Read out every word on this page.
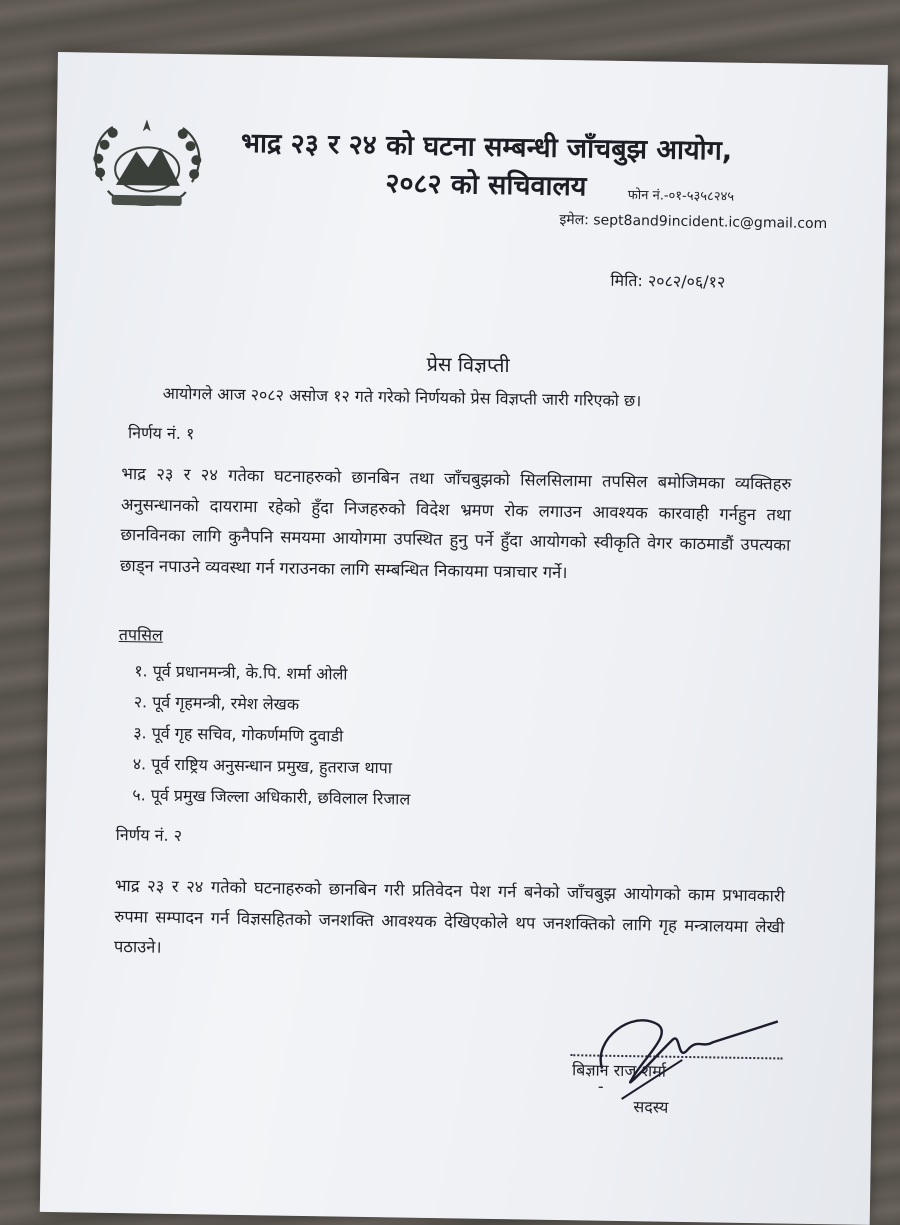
भाद्र २३ र २४ को घटना सम्बन्धी जाँचबुझ आयोग,
२०८२ को सचिवालय	फोन नं.-०१-५३५८२४५
इमेल: sept8and9incident.ic@gmail.com
मिति: २०८२/०६/१२
प्रेस विज्ञप्ती
आयोगले आज २०८२ असोज १२ गते गरेको निर्णयको प्रेस विज्ञप्ती जारी गरिएको छ।
निर्णय नं. १
भाद्र २३ र २४ गतेका घटनाहरुको छानबिन तथा जाँचबुझको सिलसिलामा तपसिल बमोजिमका व्यक्तिहरु अनुसन्धानको दायरामा रहेको हुँदा निजहरुको विदेश भ्रमण रोक लगाउन आवश्यक कारवाही गर्नहुन तथा छानविनका लागि कुनैपनि समयमा आयोगमा उपस्थित हुनु पर्ने हुँदा आयोगको स्वीकृति वेगर काठमाडौं उपत्यका छाड्न नपाउने व्यवस्था गर्न गराउनका लागि सम्बन्धित निकायमा पत्राचार गर्ने।
तपसिल
१. पूर्व प्रधानमन्त्री, के.पि. शर्मा ओली
२. पूर्व गृहमन्त्री, रमेश लेखक
३. पूर्व गृह सचिव, गोकर्णमणि दुवाडी
४. पूर्व राष्ट्रिय अनुसन्धान प्रमुख, हुतराज थापा
५. पूर्व प्रमुख जिल्ला अधिकारी, छविलाल रिजाल
निर्णय नं. २
भाद्र २३ र २४ गतेको घटनाहरुको छानबिन गरी प्रतिवेदन पेश गर्न बनेको जाँचबुझ आयोगको काम प्रभावकारी रुपमा सम्पादन गर्न विज्ञसहितको जनशक्ति आवश्यक देखिएकोले थप जनशक्तिको लागि गृह मन्त्रालयमा लेखी पठाउने।
बिज्ञान राज शर्मा
-
सदस्य
